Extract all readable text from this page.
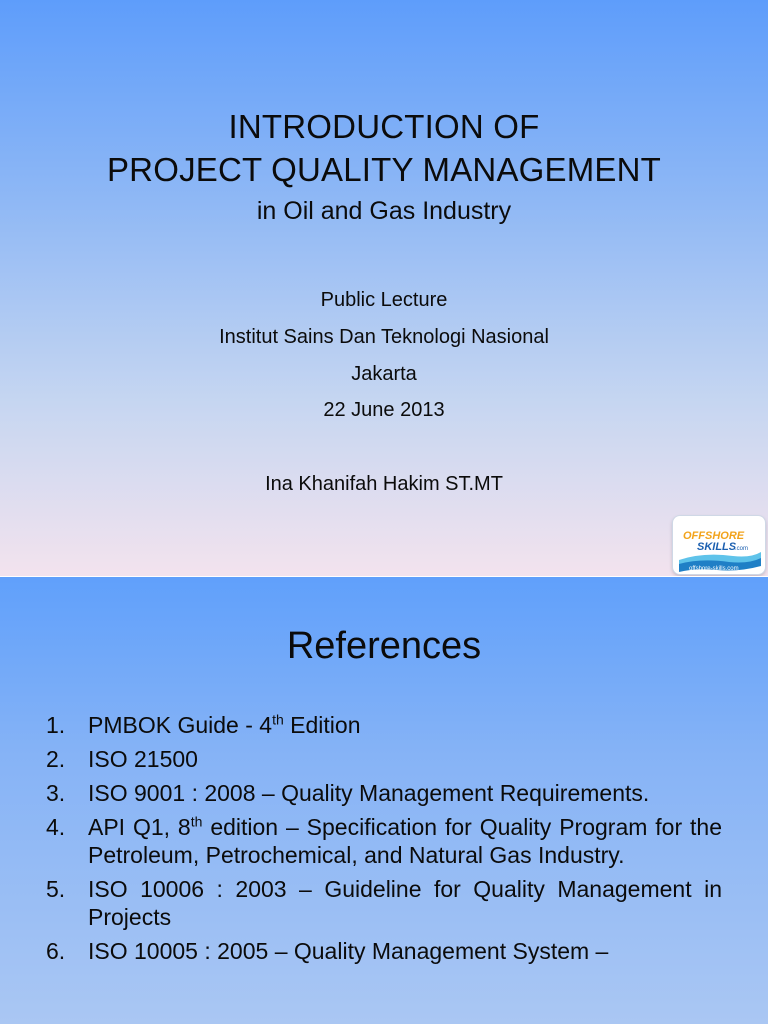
INTRODUCTION OF
PROJECT QUALITY MANAGEMENT
in Oil and Gas Industry
Public Lecture
Institut Sains Dan Teknologi Nasional
Jakarta
22 June 2013
Ina Khanifah Hakim ST.MT
OFFSHORE
SKILLS
.com
offshore-skills.com
References
1. PMBOK Guide - 4th Edition
2. ISO 21500
3. ISO 9001 : 2008 – Quality Management Requirements.
4. API Q1, 8th edition – Specification for Quality Program for the Petroleum, Petrochemical, and Natural Gas Industry.
5. ISO 10006 : 2003 – Guideline for Quality Management in Projects
6. ISO 10005 : 2005 – Quality Management System –
